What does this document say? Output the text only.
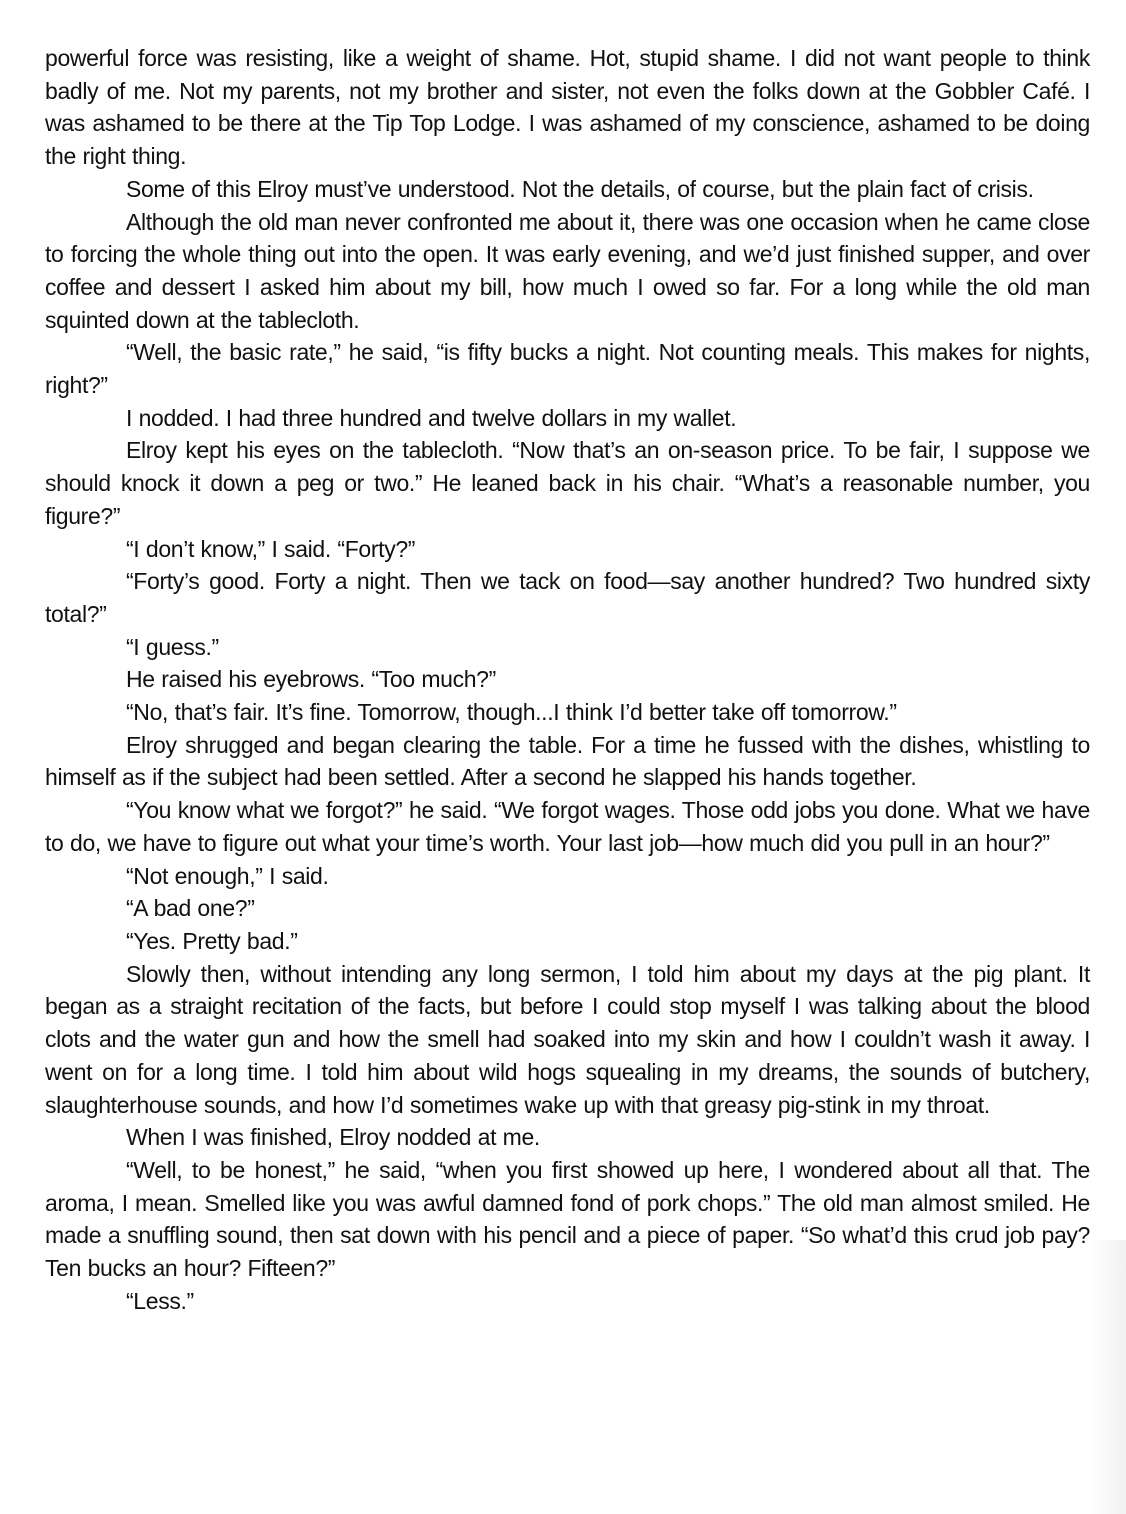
powerful force was resisting, like a weight of shame. Hot, stupid shame. I did not want people to think badly of me. Not my parents, not my brother and sister, not even the folks down at the Gobbler Café. I was ashamed to be there at the Tip Top Lodge. I was ashamed of my conscience, ashamed to be doing the right thing.

Some of this Elroy must’ve understood. Not the details, of course, but the plain fact of crisis.

Although the old man never confronted me about it, there was one occasion when he came close to forcing the whole thing out into the open. It was early evening, and we’d just finished supper, and over coffee and dessert I asked him about my bill, how much I owed so far. For a long while the old man squinted down at the tablecloth.

“Well, the basic rate,” he said, “is fifty bucks a night. Not counting meals. This makes for nights, right?”

I nodded. I had three hundred and twelve dollars in my wallet.

Elroy kept his eyes on the tablecloth. “Now that’s an on-season price. To be fair, I suppose we should knock it down a peg or two.” He leaned back in his chair. “What’s a reasonable number, you figure?”

“I don’t know,” I said. “Forty?”

“Forty’s good. Forty a night. Then we tack on food—say another hundred? Two hundred sixty total?”

“I guess.”

He raised his eyebrows. “Too much?”

“No, that’s fair. It’s fine. Tomorrow, though...I think I’d better take off tomorrow.”

Elroy shrugged and began clearing the table. For a time he fussed with the dishes, whistling to himself as if the subject had been settled. After a second he slapped his hands together.

“You know what we forgot?” he said. “We forgot wages. Those odd jobs you done. What we have to do, we have to figure out what your time’s worth. Your last job—how much did you pull in an hour?”

“Not enough,” I said.

“A bad one?”

“Yes. Pretty bad.”

Slowly then, without intending any long sermon, I told him about my days at the pig plant. It began as a straight recitation of the facts, but before I could stop myself I was talking about the blood clots and the water gun and how the smell had soaked into my skin and how I couldn’t wash it away. I went on for a long time. I told him about wild hogs squealing in my dreams, the sounds of butchery, slaughterhouse sounds, and how I’d sometimes wake up with that greasy pig-stink in my throat.

When I was finished, Elroy nodded at me.

“Well, to be honest,” he said, “when you first showed up here, I wondered about all that. The aroma, I mean. Smelled like you was awful damned fond of pork chops.” The old man almost smiled. He made a snuffling sound, then sat down with his pencil and a piece of paper. “So what’d this crud job pay? Ten bucks an hour? Fifteen?”

“Less.”
